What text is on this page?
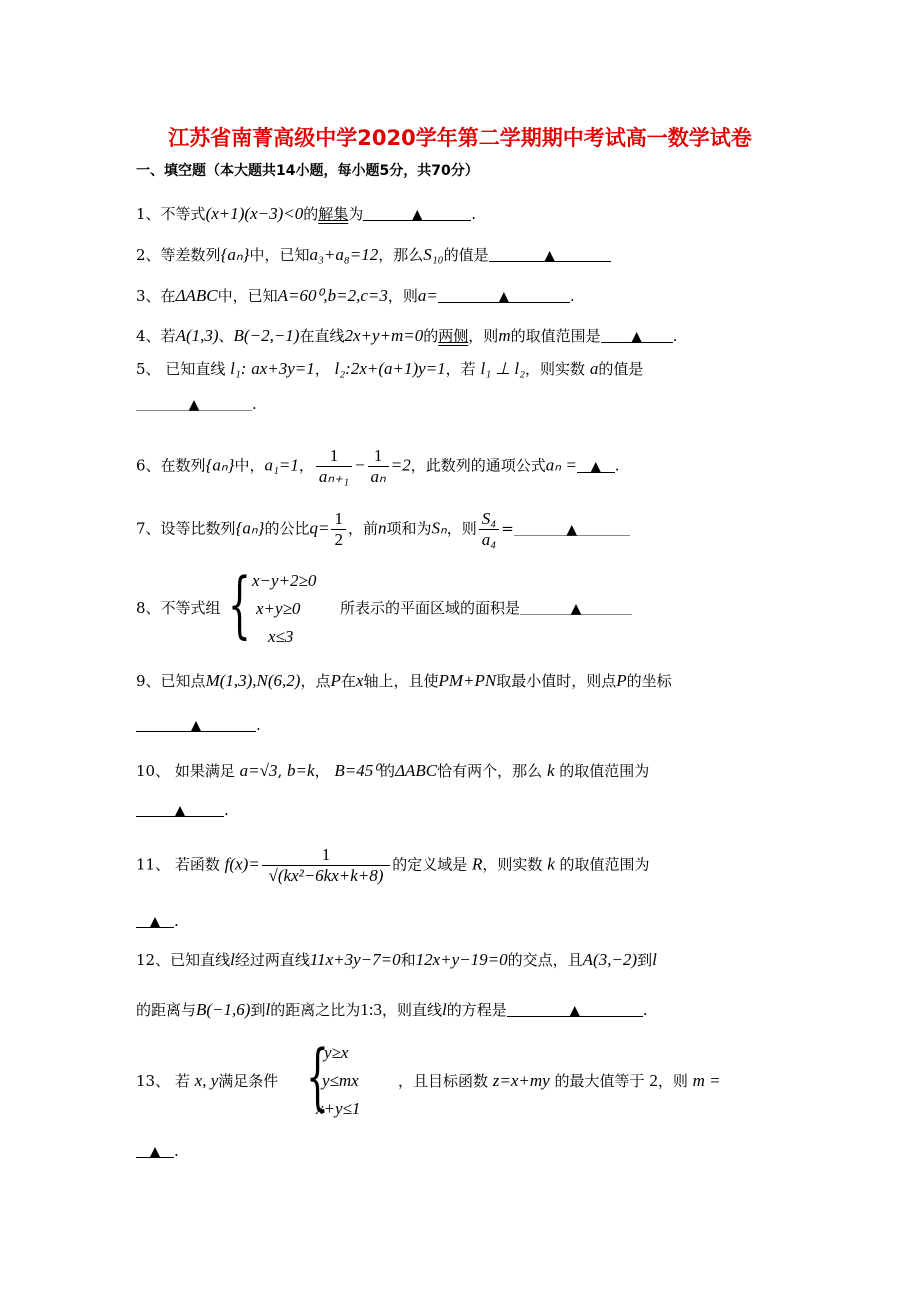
江苏省南菁高级中学2020学年第二学期期中考试高一数学试卷
一、填空题（本大题共14小题，每小题5分，共70分）
1、不等式(x+1)(x−3)<0的解集为	▲	.
2、等差数列{aₙ}中，已知a₃+a₈=12，那么S₁₀的值是	▲
3、在ΔABC中，已知A=60⁰,b=2,c=3，则a=	▲	.
4、若A(1,3)、B(−2,−1)在直线2x+y+m=0的两侧，则m的取值范围是 ▲ .
5、 已知直线 l₁: ax+3y=1， l₂:2x+(a+1)y=1，若 l₁ ⊥ l₂，则实数 a的值是
▲	.
6、在数列{aₙ}中，a₁=1， $\frac{1}{\text{aₙ₊₁}} - \frac{1}{\text{aₙ}} =2$，此数列的通项公式aₙ = ▲ .
7、设等比数列{aₙ}的公比$q= \frac{1}{2}$ ，前n项和为Sₙ，则 $\frac{\text{S₄}}{\text{a₄}}$ =	▲
8、不等式组 { x−y+2≥0
x+y≥0
x≤3
所表示的平面区域的面积是	▲
9、已知点M(1,3),N(6,2)，点P在x轴上，且使PM+PN取最小值时，则点P的坐标
▲	.
10、 如果满足 a=√3, b=k， B=45⁰的ΔABC恰有两个，那么 k 的取值范围为
▲	.
11、 若函数 $f(x)= \frac{1}{\text{√(kx²−6kx+k+8)}}$ 的定义域是 R，则实数 k 的取值范围为
▲ .
12、已知直线l经过两直线11x+3y−7=0和12x+y−19=0的交点，且A(3,−2)到l
的距离与B(−1,6)到l的距离之比为1:3，则直线l的方程是	▲	.
13、 若 x, y满足条件 {
y≥x
y≤mx
x+y≤1
，且目标函数 z=x+my 的最大值等于 2，则 m =
▲ .
